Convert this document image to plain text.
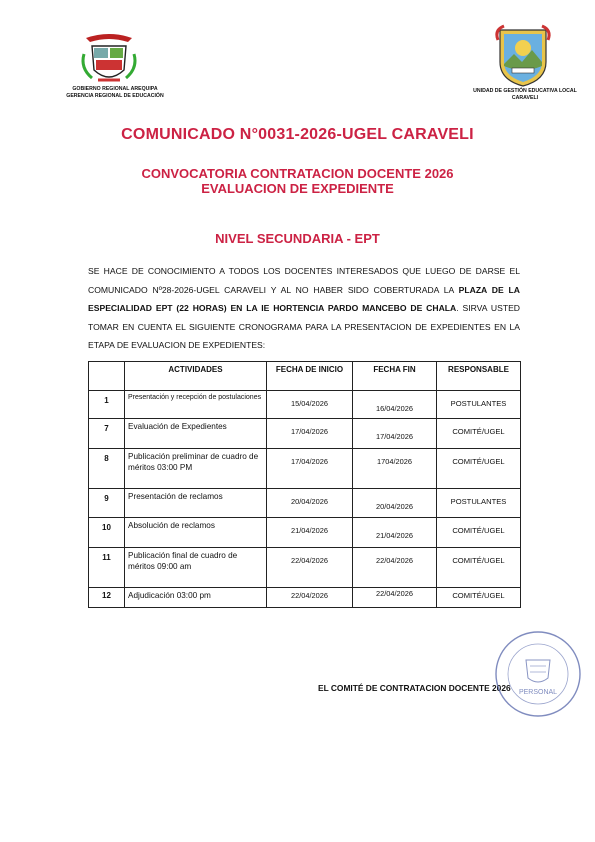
GOBIERNO REGIONAL AREQUIPA
GERENCIA REGIONAL DE EDUCACIÓN
UNIDAD DE GESTIÓN EDUCATIVA LOCAL
CARAVELI
COMUNICADO N°0031-2026-UGEL CARAVELI
CONVOCATORIA CONTRATACION DOCENTE 2026
EVALUACION DE EXPEDIENTE
NIVEL SECUNDARIA - EPT
SE HACE DE CONOCIMIENTO A TODOS LOS DOCENTES INTERESADOS QUE LUEGO DE DARSE EL COMUNICADO Nº28-2026-UGEL CARAVELI Y AL NO HABER SIDO COBERTURADA LA PLAZA DE LA ESPECIALIDAD EPT (22 HORAS) EN LA IE HORTENCIA PARDO MANCEBO DE CHALA. SIRVA USTED TOMAR EN CUENTA EL SIGUIENTE CRONOGRAMA PARA LA PRESENTACION DE EXPEDIENTES EN LA ETAPA DE EVALUACION DE EXPEDIENTES:
	ACTIVIDADES	FECHA DE INICIO	FECHA FIN	RESPONSABLE
1	Presentación y recepción de postulaciones	15/04/2026	16/04/2026	POSTULANTES
7	Evaluación de Expedientes	17/04/2026	17/04/2026	COMITÉ/UGEL
8	Publicación preliminar de cuadro de méritos 03:00 PM	17/04/2026	1704/2026	COMITÉ/UGEL
9	Presentación de reclamos	20/04/2026	20/04/2026	POSTULANTES
10	Absolución de reclamos	21/04/2026	21/04/2026	COMITÉ/UGEL
11	Publicación final de cuadro de méritos 09:00 am	22/04/2026	22/04/2026	COMITÉ/UGEL
12	Adjudicación 03:00 pm	22/04/2026	22/04/2026	COMITÉ/UGEL
EL COMITÉ DE CONTRATACION DOCENTE 2026 PERSONAL
